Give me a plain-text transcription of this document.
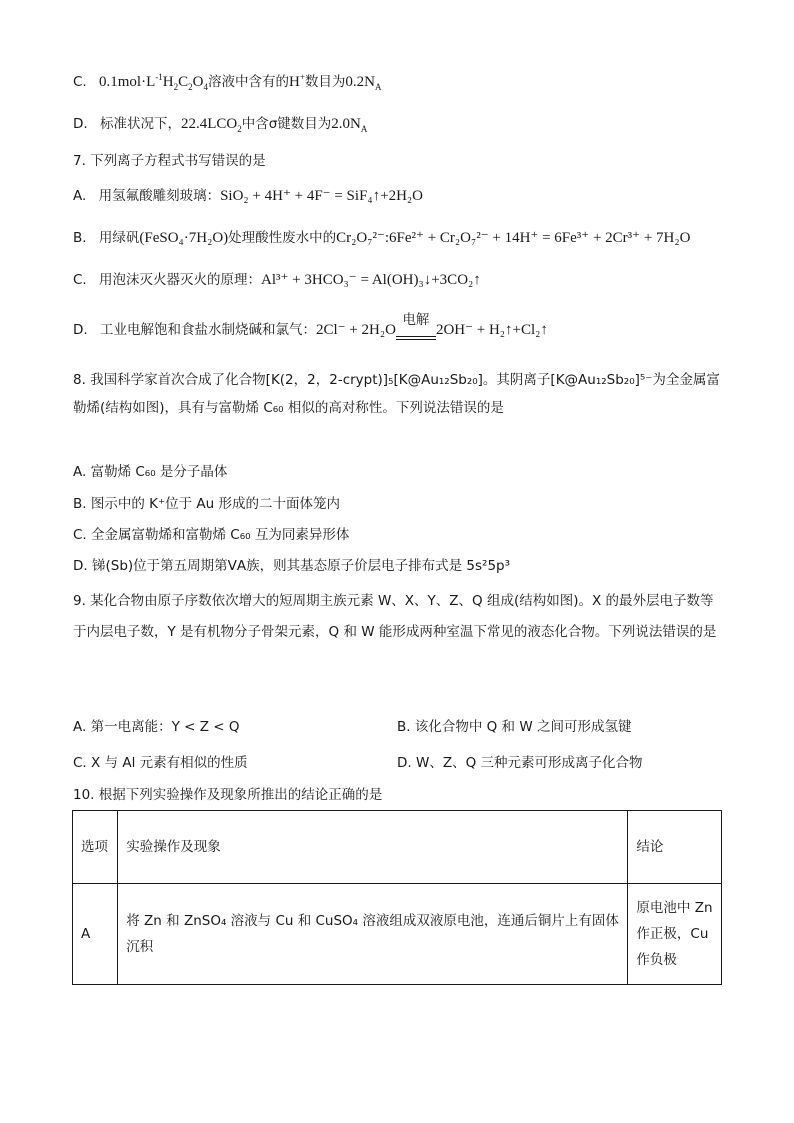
C. $0.1mol\cdot L^{-1}H_2C_2O_4$溶液中含有的H+数目为$0.2N_A$
D. 标准状况下，$22.4LCO_2$中含σ键数目为$2.0N_A$
7. 下列离子方程式书写错误的是
A. 用氢氟酸雕刻玻璃：SiO₂ + 4H⁺ + 4F⁻ = SiF₄↑+2H₂O
B. 用绿矾(FeSO₄·7H₂O)处理酸性废水中的Cr₂O₇²⁻:6Fe²⁺ + Cr₂O₇²⁻ + 14H⁺ = 6Fe³⁺ + 2Cr³⁺ + 7H₂O
C. 用泡沫灭火器灭火的原理：Al³⁺ + 3HCO₃⁻ = Al(OH)₃↓+3CO₂↑
D. 工业电解饱和食盐水制烧碱和氯气：2Cl⁻ + 2H₂O
电解
2OH⁻ + H₂↑+Cl₂↑
8. 我国科学家首次合成了化合物[K(2，2，2-crypt)]₅[K@Au₁₂Sb₂₀]。其阴离子[K@Au₁₂Sb₂₀]⁵⁻为全金属富勒烯(结构如图)，具有与富勒烯 C₆₀ 相似的高对称性。下列说法错误的是
A. 富勒烯 C₆₀ 是分子晶体
B. 图示中的 K⁺位于 Au 形成的二十面体笼内
C. 全金属富勒烯和富勒烯 C₆₀ 互为同素异形体
D. 锑(Sb)位于第五周期第ⅤA族，则其基态原子价层电子排布式是 5s²5p³
9. 某化合物由原子序数依次增大的短周期主族元素 W、X、Y、Z、Q 组成(结构如图)。X 的最外层电子数等于内层电子数，Y 是有机物分子骨架元素，Q 和 W 能形成两种室温下常见的液态化合物。下列说法错误的是
A. 第一电离能：Y < Z < Q	B. 该化合物中 Q 和 W 之间可形成氢键
C. X 与 Al 元素有相似的性质	D. W、Z、Q 三种元素可形成离子化合物
10. 根据下列实验操作及现象所推出的结论正确的是
选项	实验操作及现象	结论
A	将 Zn 和 ZnSO₄ 溶液与 Cu 和 CuSO₄ 溶液组成双液原电池，连通后铜片上有固体沉积	原电池中 Zn 作正极，Cu 作负极
